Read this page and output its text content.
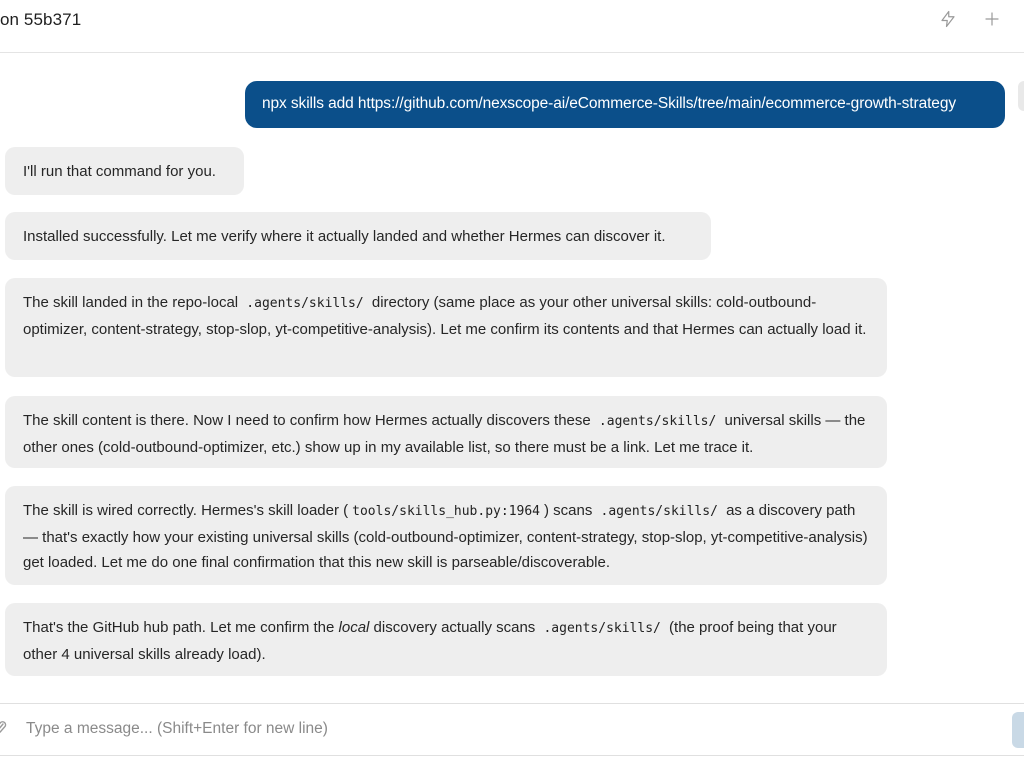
on 55b371
npx skills add https://github.com/nexscope-ai/eCommerce-Skills/tree/main/ecommerce-growth-strategy
I'll run that command for you.
Installed successfully. Let me verify where it actually landed and whether Hermes can discover it.
The skill landed in the repo-local .agents/skills/ directory (same place as your other universal skills: cold-outbound-optimizer, content-strategy, stop-slop, yt-competitive-analysis). Let me confirm its contents and that Hermes can actually load it.
The skill content is there. Now I need to confirm how Hermes actually discovers these .agents/skills/ universal skills — the other ones (cold-outbound-optimizer, etc.) show up in my available list, so there must be a link. Let me trace it.
The skill is wired correctly. Hermes's skill loader ( tools/skills_hub.py:1964 ) scans .agents/skills/ as a discovery path — that's exactly how your existing universal skills (cold-outbound-optimizer, content-strategy, stop-slop, yt-competitive-analysis) get loaded. Let me do one final confirmation that this new skill is parseable/discoverable.
That's the GitHub hub path. Let me confirm the local discovery actually scans .agents/skills/ (the proof being that your other 4 universal skills already load).
Type a message... (Shift+Enter for new line)
